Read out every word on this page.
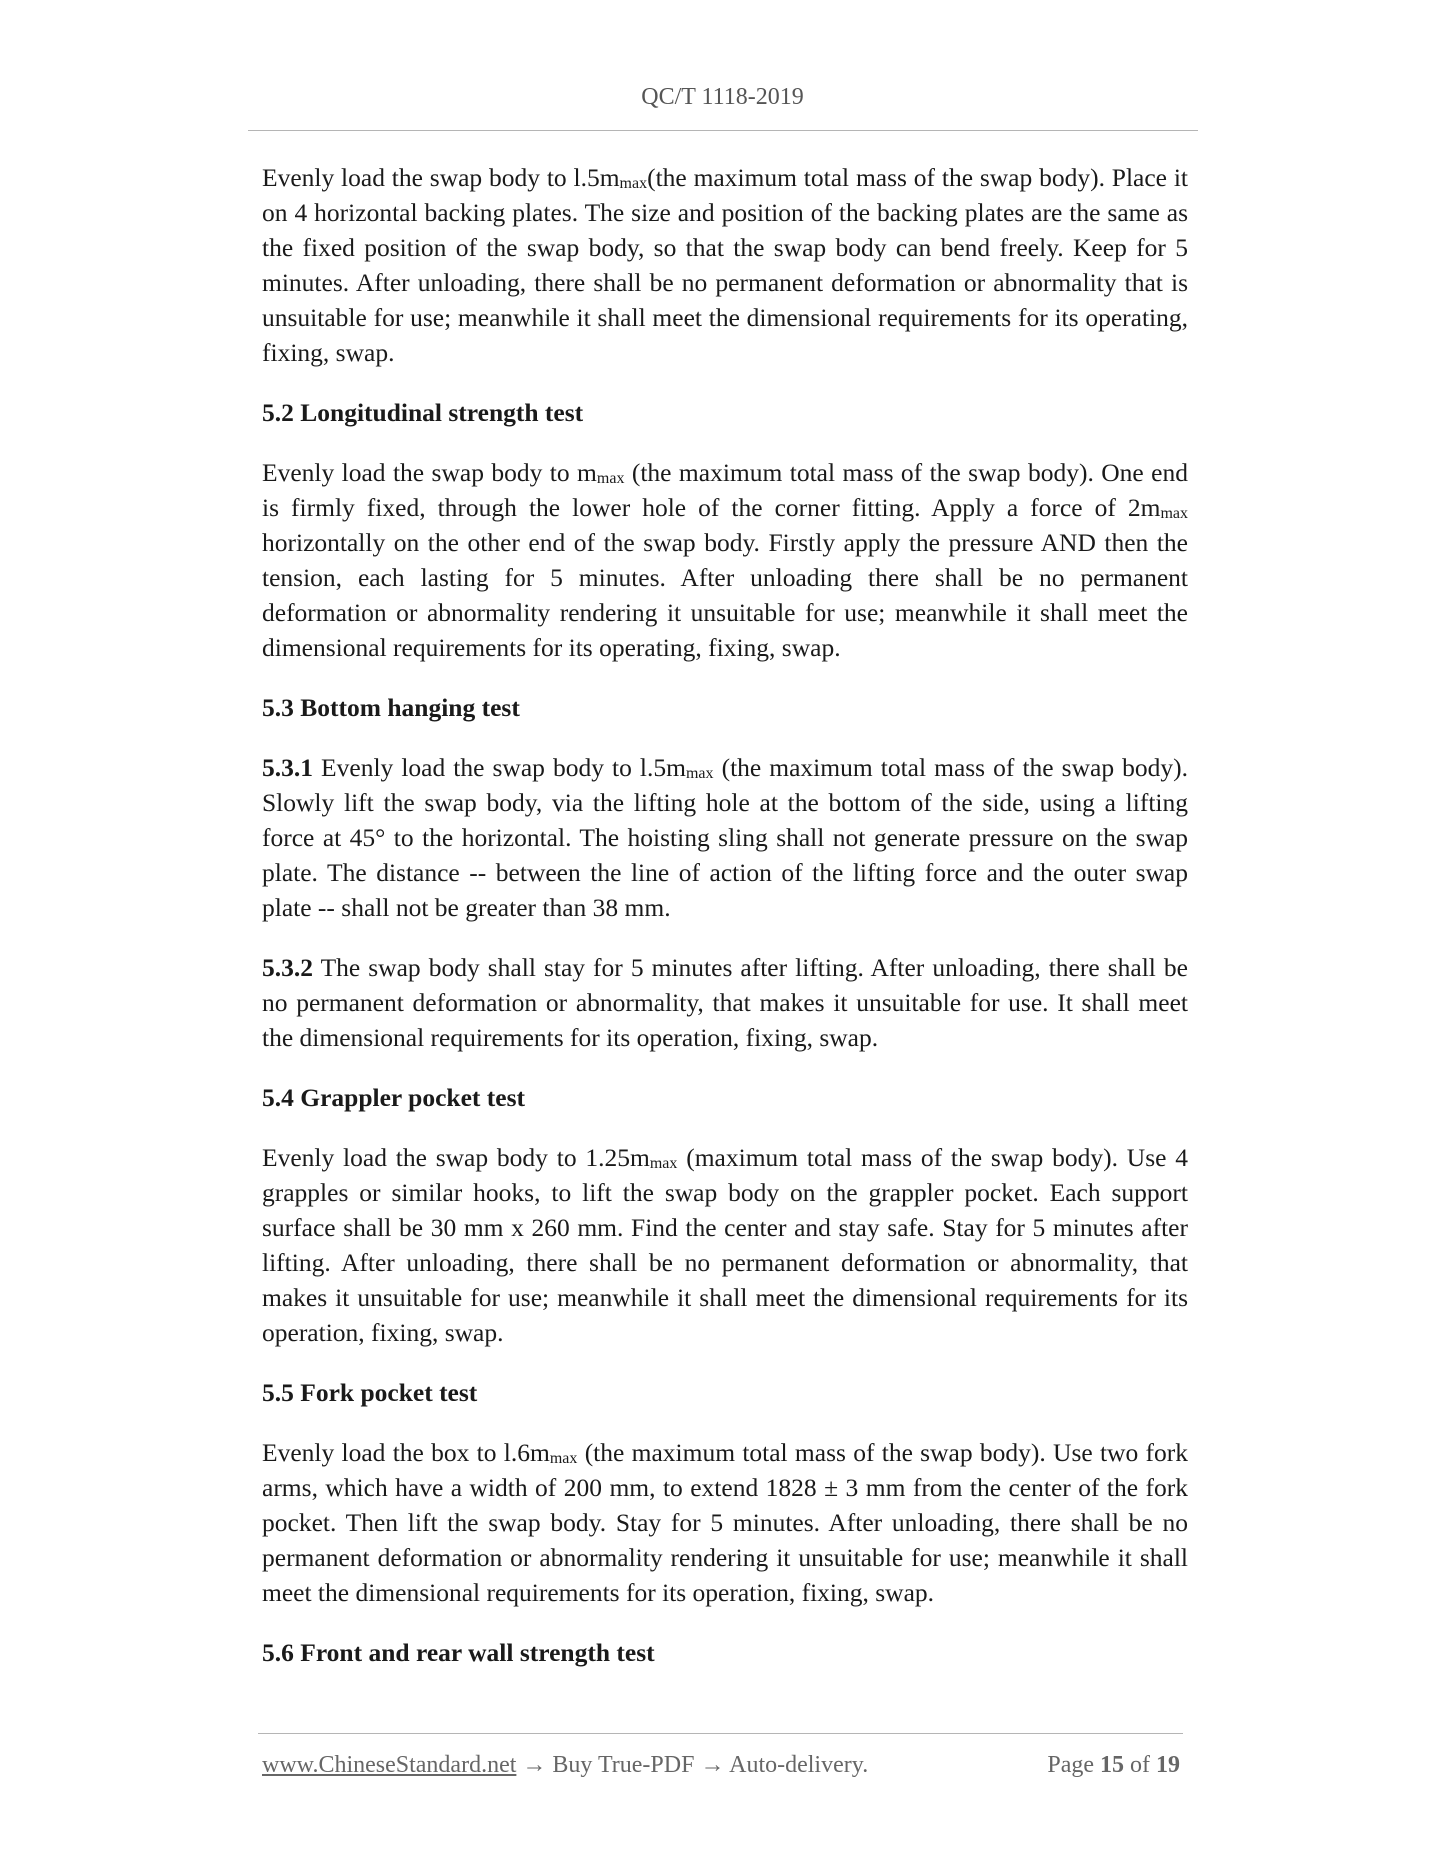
QC/T 1118-2019

Evenly load the swap body to $l.5m_{max}(the$ maximum total mass of the swap body). Place it on 4 horizontal backing plates. The size and position of the backing plates are the same as the fixed position of the swap body, so that the swap body can bend freely. Keep for 5 minutes. After unloading, there shall be no permanent deformation or abnormality that is unsuitable for use; meanwhile it shall meet the dimensional requirements for its operating, fixing, swap.

5.2 Longitudinal strength test

Evenly load the swap body to $m_{max}$ (the maximum total mass of the swap body). One end is firmly fixed, through the lower hole of the corner fitting. Apply a force of $2m_{max}$ horizontally on the other end of the swap body. Firstly apply the pressure AND then the tension, each lasting for 5 minutes. After unloading there shall be no permanent deformation or abnormality rendering it unsuitable for use; meanwhile it shall meet the dimensional requirements for its operating, fixing, swap.

5.3 Bottom hanging test

5.3.1 Evenly load the swap body to $l.5m_{max}$ (the maximum total mass of the swap body). Slowly lift the swap body, via the lifting hole at the bottom of the side, using a lifting force at 45° to the horizontal. The hoisting sling shall not generate pressure on the swap plate. The distance -- between the line of action of the lifting force and the outer swap plate -- shall not be greater than 38 mm.

5.3.2 The swap body shall stay for 5 minutes after lifting. After unloading, there shall be no permanent deformation or abnormality, that makes it unsuitable for use. It shall meet the dimensional requirements for its operation, fixing, swap.

5.4 Grappler pocket test

Evenly load the swap body to $1.25m_{max}$ (maximum total mass of the swap body). Use 4 grapples or similar hooks, to lift the swap body on the grappler pocket. Each support surface shall be 30 mm x 260 mm. Find the center and stay safe. Stay for 5 minutes after lifting. After unloading, there shall be no permanent deformation or abnormality, that makes it unsuitable for use; meanwhile it shall meet the dimensional requirements for its operation, fixing, swap.

5.5 Fork pocket test

Evenly load the box to $l.6m_{max}$ (the maximum total mass of the swap body). Use two fork arms, which have a width of 200 mm, to extend 1828 ± 3 mm from the center of the fork pocket. Then lift the swap body. Stay for 5 minutes. After unloading, there shall be no permanent deformation or abnormality rendering it unsuitable for use; meanwhile it shall meet the dimensional requirements for its operation, fixing, swap.

5.6 Front and rear wall strength test
www.ChineseStandard.net → Buy True-PDF → Auto-delivery.	Page 15 of 19
